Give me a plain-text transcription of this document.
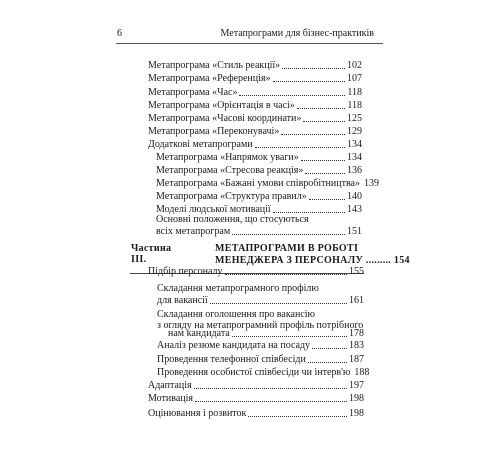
6	Метапрограми для бізнес-практиків
Метапрограма «Стиль реакції»	102
Метапрограма «Референція»	107
Метапрограма «Час»	118
Метапрограма «Орієнтація в часі»	118
Метапрограма «Часові координати»	125
Метапрограма «Переконувачі»	129
Додаткові метапрограми	134
Метапрограма «Напрямок уваги»	134
Метапрограма «Стресова реакція»	136
Метапрограма «Бажані умови співробітництва» 139
Метапрограма «Структура правил»	140
Моделі людської мотивації	143
Основні положення, що стосуються
всіх метапрограм	151
Частина III.
МЕТАПРОГРАМИ В РОБОТІ
МЕНЕДЖЕРА З ПЕРСОНАЛУ ......... 154
Підбір персоналу	155
Складання метапрограмного профілю
для вакансії	161
Складання оголошення про вакансію
з огляду на метапрограмний профіль потрібного
нам кандидата	178
Аналіз резюме кандидата на посаду	183
Проведення телефонної співбесіди	187
Проведення особистої співбесіди чи інтерв'ю 188
Адаптація	197
Мотивація	198
Оцінювання і розвиток	198
